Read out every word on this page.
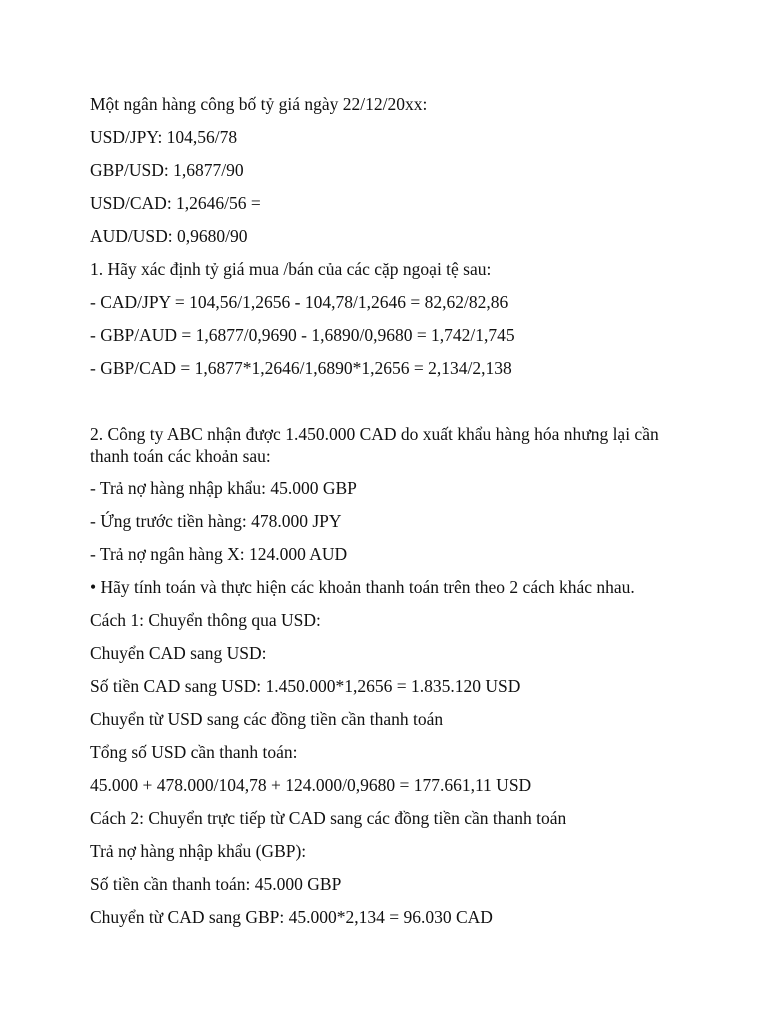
Một ngân hàng công bố tỷ giá ngày 22/12/20xx:
USD/JPY: 104,56/78
GBP/USD: 1,6877/90
USD/CAD: 1,2646/56 =
AUD/USD: 0,9680/90
1. Hãy xác định tỷ giá mua /bán của các cặp ngoại tệ sau:
- CAD/JPY = 104,56/1,2656 - 104,78/1,2646 = 82,62/82,86
- GBP/AUD = 1,6877/0,9690 - 1,6890/0,9680 = 1,742/1,745
- GBP/CAD = 1,6877*1,2646/1,6890*1,2656 = 2,134/2,138
2. Công ty ABC nhận được 1.450.000 CAD do xuất khẩu hàng hóa nhưng lại cần thanh toán các khoản sau:
- Trả nợ hàng nhập khẩu: 45.000 GBP
- Ứng trước tiền hàng: 478.000 JPY
- Trả nợ ngân hàng X: 124.000 AUD
• Hãy tính toán và thực hiện các khoản thanh toán trên theo 2 cách khác nhau.
Cách 1: Chuyển thông qua USD:
Chuyển CAD sang USD:
Số tiền CAD sang USD: 1.450.000*1,2656 = 1.835.120 USD
Chuyển từ USD sang các đồng tiền cần thanh toán
Tổng số USD cần thanh toán:
45.000 + 478.000/104,78 + 124.000/0,9680 = 177.661,11 USD
Cách 2: Chuyển trực tiếp từ CAD sang các đồng tiền cần thanh toán
Trả nợ hàng nhập khẩu (GBP):
Số tiền cần thanh toán: 45.000 GBP
Chuyển từ CAD sang GBP: 45.000*2,134 = 96.030 CAD
